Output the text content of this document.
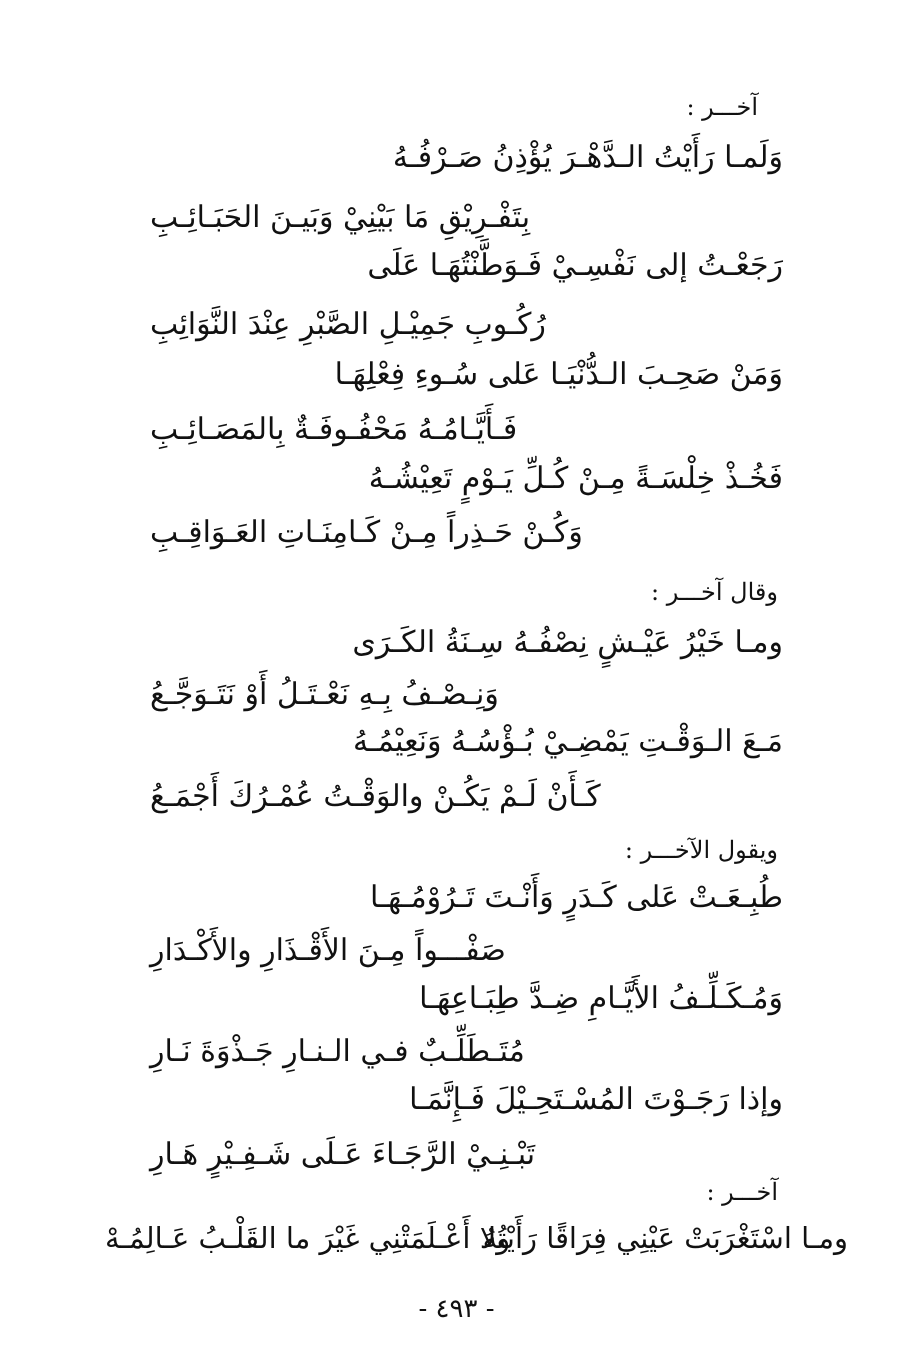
آخـــر :
وَلَمـا رَأَيْتُ الـدَّهْـرَ يُؤْذِنُ صَـرْفُـهُ
بِتَفْـرِيْقِ مَا بَيْنِيْ وَبَيـنَ الحَبَـائِـبِ
رَجَعْـتُ إلى نَفْسِـيْ فَـوَطَّنْتُهَـا عَلَى
رُكُـوبِ جَمِيْـلِ الصَّبْرِ عِنْدَ النَّوَائِبِ
وَمَنْ صَحِـبَ الـدُّنْيَـا عَلى سُـوءِ فِعْلِهَـا
فَـأَيَّـامُـهُ مَحْفُـوفَـةٌ بِالمَصَـائِـبِ
فَخُـذْ خِلْسَـةً مِـنْ كُـلِّ يَـوْمٍ تَعِيْشُـهُ
وَكُـنْ حَـذِراً مِـنْ كَـامِنَـاتِ العَـوَاقِـبِ
وقال آخـــر :
ومـا خَيْرُ عَيْـشٍ نِصْفُـهُ سِـنَةُ الكَـرَى
وَنِـصْـفُ بِـهِ نَعْـتَـلُ أَوْ نَتَـوَجَّـعُ
مَـعَ الـوَقْـتِ يَمْضِـيْ بُـؤْسُـهُ وَنَعِيْمُـهُ
كَـأَنْ لَـمْ يَكُـنْ والوَقْـتُ عُمْـرُكَ أَجْمَـعُ
ويقول الآخـــر :
طُبِـعَـتْ عَلى كَـدَرٍ وَأَنْـتَ تَـرُوْمُـهَـا
صَفْـــواً مِـنَ الأَقْـذَارِ والأَكْـدَارِ
وَمُـكَـلِّـفُ الأَيَّـامِ ضِـدَّ طِبَـاعِهَـا
مُتَـطَلِّـبٌ فـي الـنـارِ جَـذْوَةَ نَـارِ
وإذا رَجَـوْتَ المُسْـتَحِـيْلَ فَـإِنَّمَـا
تَبْـنِـيْ الرَّجَـاءَ عَـلَى شَـفِـيْرٍ هَـارِ
آخـــر :
ومـا اسْتَغْرَبَتْ عَيْنِي فِرَاقًا رَأَيْتُهُ
ولا أَعْـلَمَتْنِي غَيْرَ ما القَلْـبُ عَـالِمُـهْ
- ٤٩٣ -
